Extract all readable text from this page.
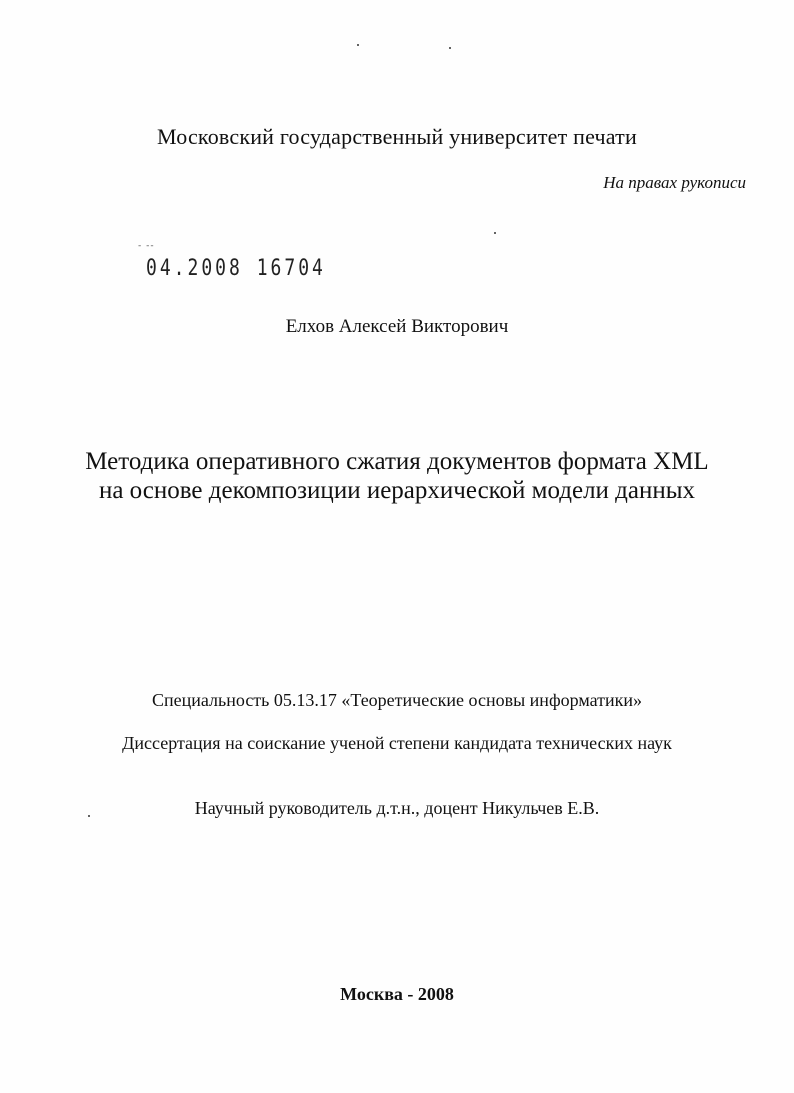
Московский государственный университет печати
На правах рукописи
- --
04.2008 16704
Елхов Алексей Викторович
Методика оперативного сжатия документов формата XML
на основе декомпозиции иерархической модели данных
Специальность 05.13.17 «Теоретические основы информатики»
Диссертация на соискание ученой степени кандидата технических наук
Научный руководитель д.т.н., доцент Никульчев Е.В.
Москва - 2008
